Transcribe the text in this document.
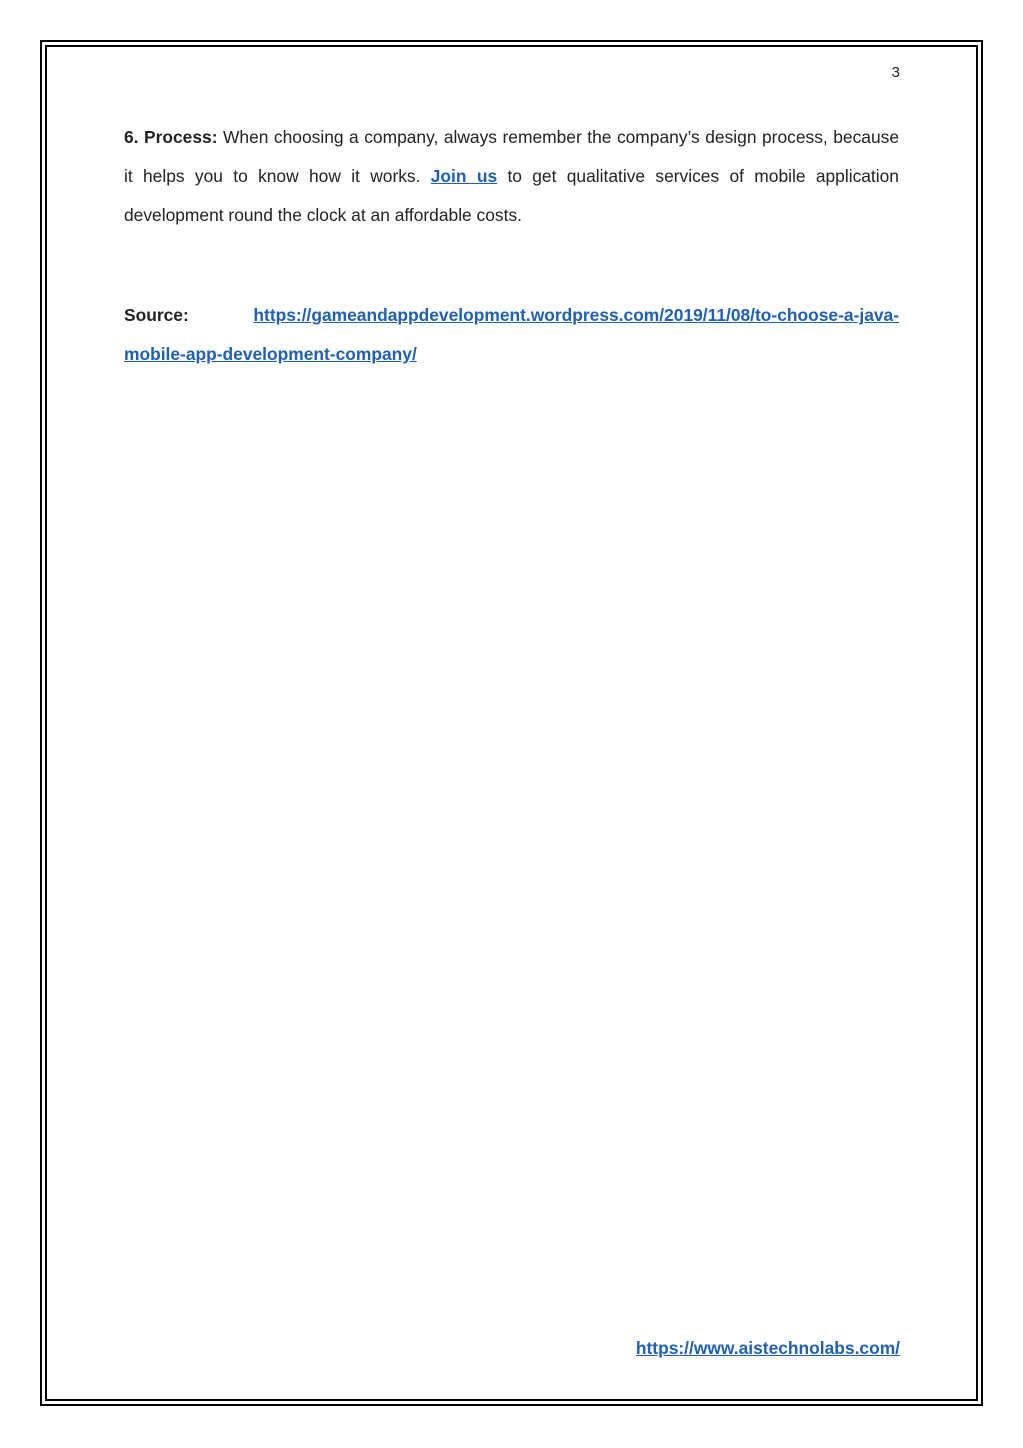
3

6. Process: When choosing a company, always remember the company’s design process, because it helps you to know how it works. Join us to get qualitative services of mobile application development round the clock at an affordable costs.

Source:	https://gameandappdevelopment.wordpress.com/2019/11/08/to-choose-a-java-mobile-app-development-company/

https://www.aistechnolabs.com/
